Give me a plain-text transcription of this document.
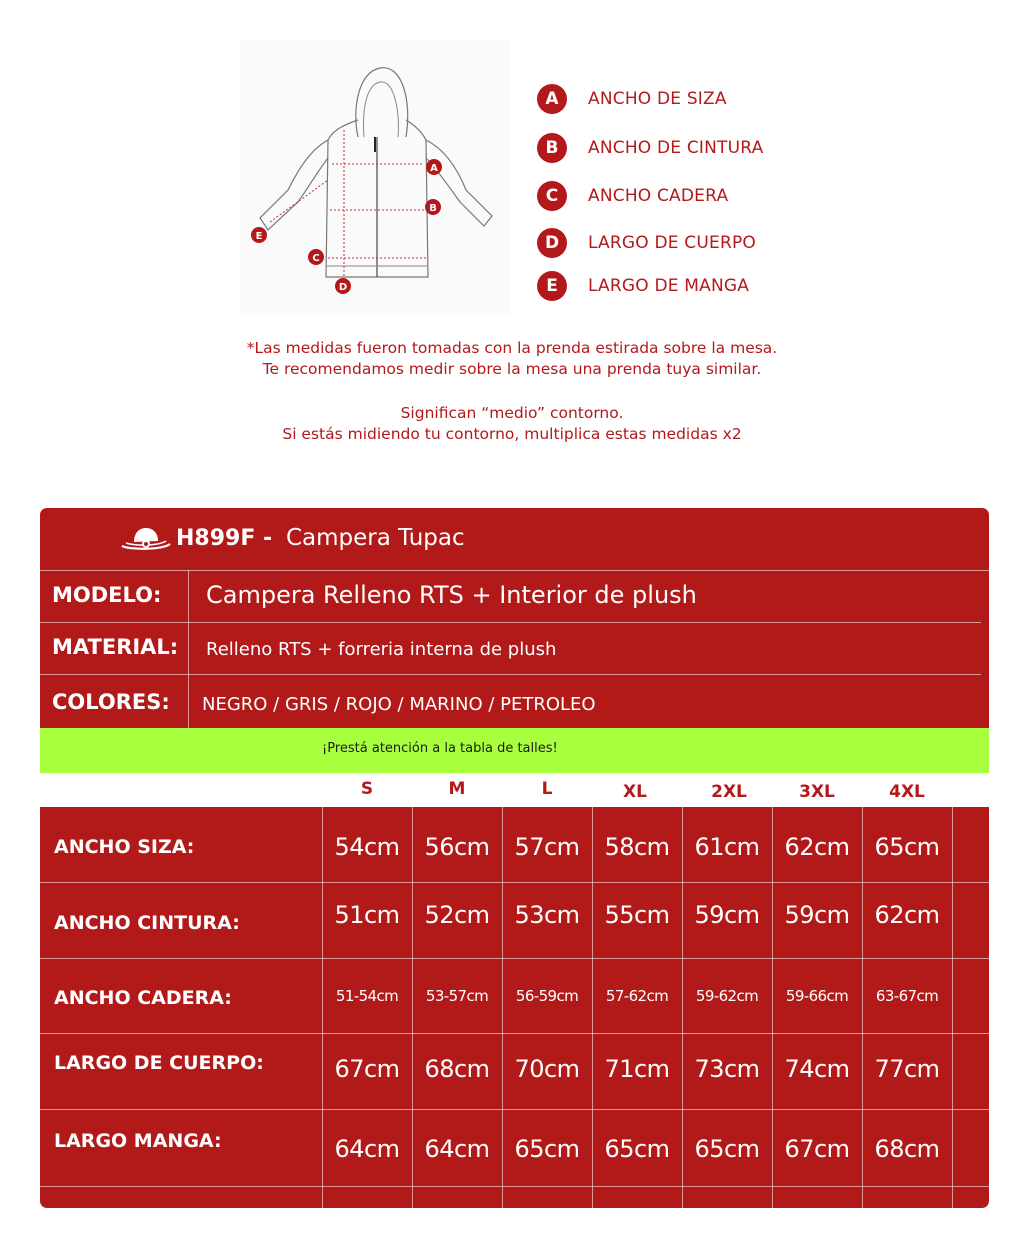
A
B
C
D
E
A	ANCHO DE SIZA
B	ANCHO DE CINTURA
C	ANCHO CADERA
D	LARGO DE CUERPO
E	LARGO DE MANGA
*Las medidas fueron tomadas con la prenda estirada sobre la mesa.
Te recomendamos medir sobre la mesa una prenda tuya similar.
Significan “medio” contorno.
Si estás midiendo tu contorno, multiplica estas medidas x2
H899F - Campera Tupac
MODELO: Campera Relleno RTS + Interior de plush
MATERIAL: Relleno RTS + forreria interna de plush
COLORES: NEGRO / GRIS / ROJO / MARINO / PETROLEO
¡Prestá atención a la tabla de talles!
S	M	L	XL	2XL	3XL	4XL
ANCHO SIZA:	54cm	56cm	57cm	58cm	61cm	62cm	65cm
ANCHO CINTURA:	51cm	52cm	53cm	55cm	59cm	59cm	62cm
ANCHO CADERA:	51-54cm	53-57cm	56-59cm	57-62cm	59-62cm	59-66cm	63-67cm
LARGO DE CUERPO:	67cm	68cm	70cm	71cm	73cm	74cm	77cm
LARGO MANGA:	64cm	64cm	65cm	65cm	65cm	67cm	68cm
